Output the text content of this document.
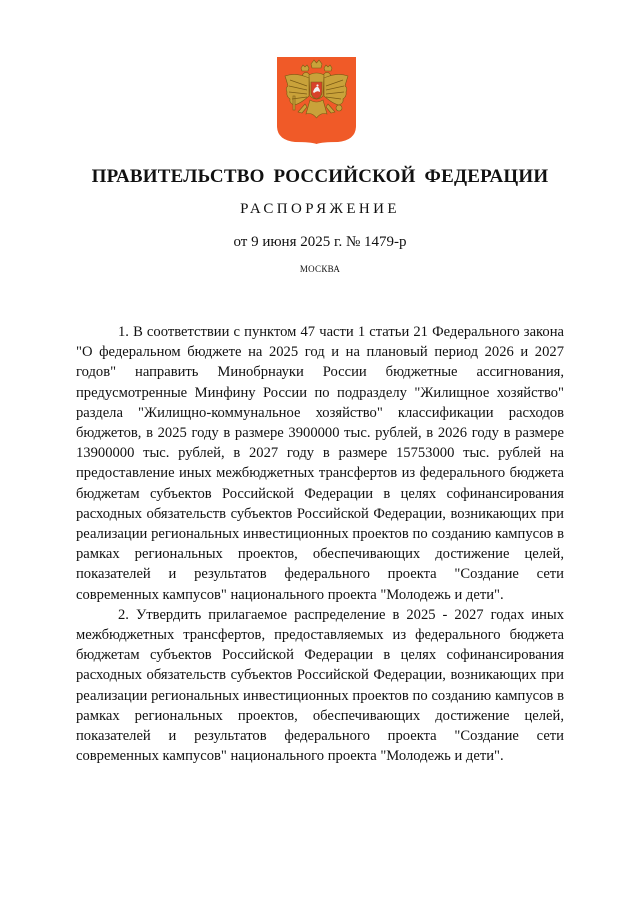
ПРАВИТЕЛЬСТВО РОССИЙСКОЙ ФЕДЕРАЦИИ
РАСПОРЯЖЕНИЕ
от 9 июня 2025 г. № 1479-р
МОСКВА

1. В соответствии с пунктом 47 части 1 статьи 21 Федерального закона "О федеральном бюджете на 2025 год и на плановый период 2026 и 2027 годов" направить Минобрнауки России бюджетные ассигнования, предусмотренные Минфину России по подразделу "Жилищное хозяйство" раздела "Жилищно-коммунальное хозяйство" классификации расходов бюджетов, в 2025 году в размере 3900000 тыс. рублей, в 2026 году в размере 13900000 тыс. рублей, в 2027 году в размере 15753000 тыс. рублей на предоставление иных межбюджетных трансфертов из федерального бюджета бюджетам субъектов Российской Федерации в целях софинансирования расходных обязательств субъектов Российской Федерации, возникающих при реализации региональных инвестиционных проектов по созданию кампусов в рамках региональных проектов, обеспечивающих достижение целей, показателей и результатов федерального проекта "Создание сети современных кампусов" национального проекта "Молодежь и дети".

2. Утвердить прилагаемое распределение в 2025 - 2027 годах иных межбюджетных трансфертов, предоставляемых из федерального бюджета бюджетам субъектов Российской Федерации в целях софинансирования расходных обязательств субъектов Российской Федерации, возникающих при реализации региональных инвестиционных проектов по созданию кампусов в рамках региональных проектов, обеспечивающих достижение целей, показателей и результатов федерального проекта "Создание сети современных кампусов" национального проекта "Молодежь и дети".
